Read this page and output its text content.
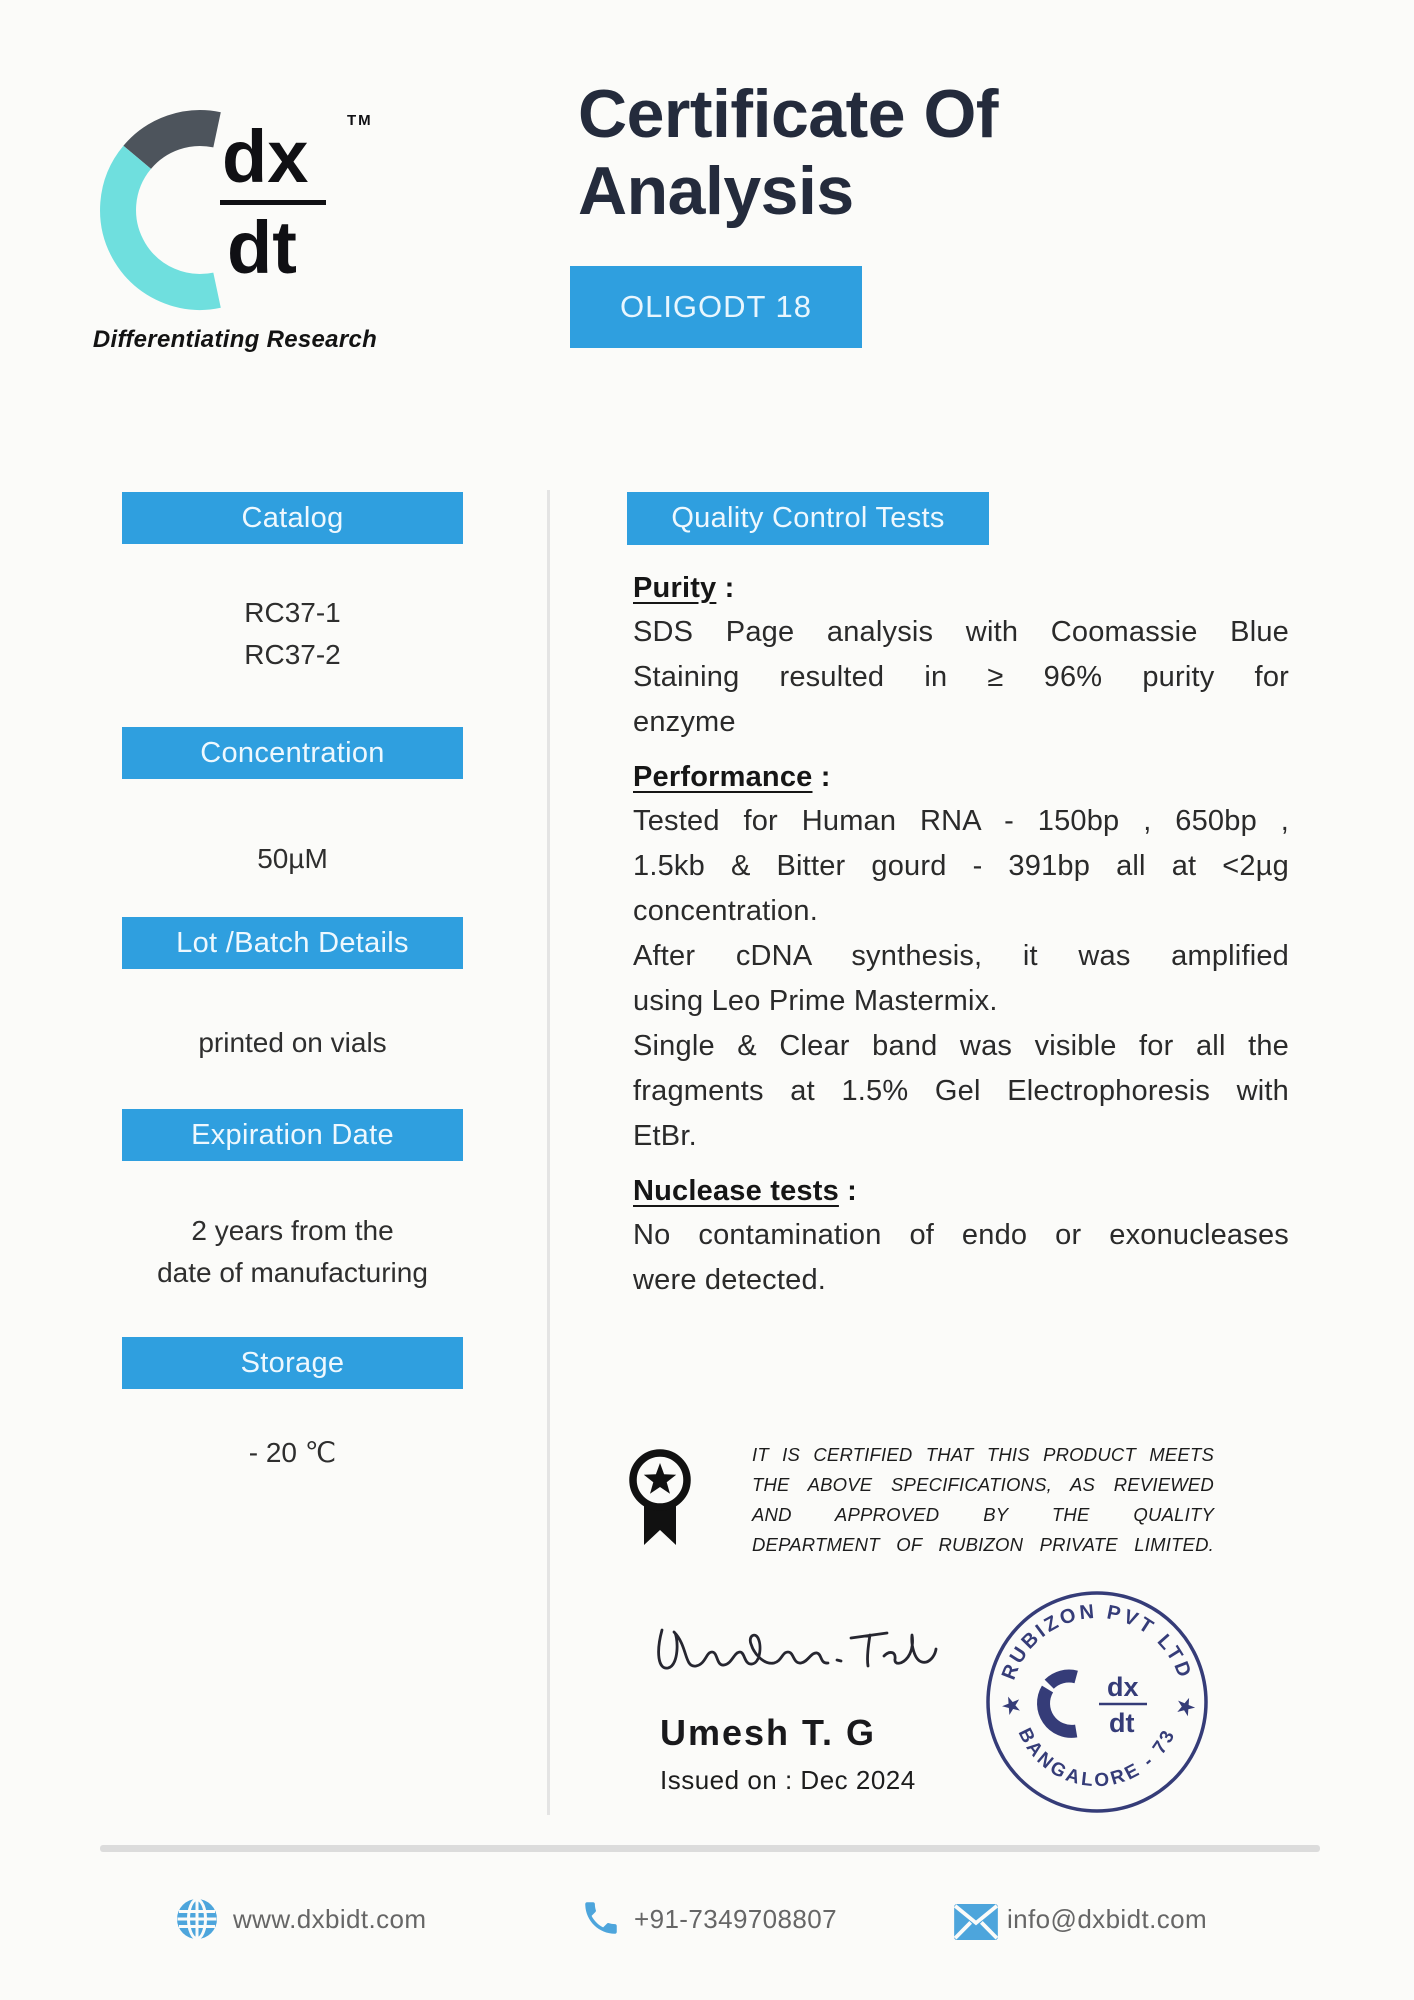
dx
dt
TM
Differentiating Research
Certificate Of
Analysis
OLIGODT 18
Catalog
RC37-1
RC37-2
Concentration
50µM
Lot /Batch Details
printed on vials
Expiration Date
2 years from the
date of manufacturing
Storage
- 20 ℃
Quality Control Tests
Purity :
SDS Page analysis with Coomassie Blue
Staining resulted in ≥ 96% purity for
enzyme
Performance :
Tested for Human RNA - 150bp , 650bp ,
1.5kb & Bitter gourd - 391bp all at <2µg
concentration.
After cDNA synthesis, it was amplified
using Leo Prime Mastermix.
Single & Clear band was visible for all the
fragments at 1.5% Gel Electrophoresis with
EtBr.
Nuclease tests :
No contamination of endo or exonucleases
were detected.
IT IS CERTIFIED THAT THIS PRODUCT MEETS
THE ABOVE SPECIFICATIONS, AS REVIEWED
AND APPROVED BY THE QUALITY
DEPARTMENT OF RUBIZON PRIVATE LIMITED.
Umesh T. G
Issued on : Dec 2024
RUBIZON PVT LTD
BANGALORE - 73
★	★
dx
dt
www.dxbidt.com	+91-7349708807	info@dxbidt.com
